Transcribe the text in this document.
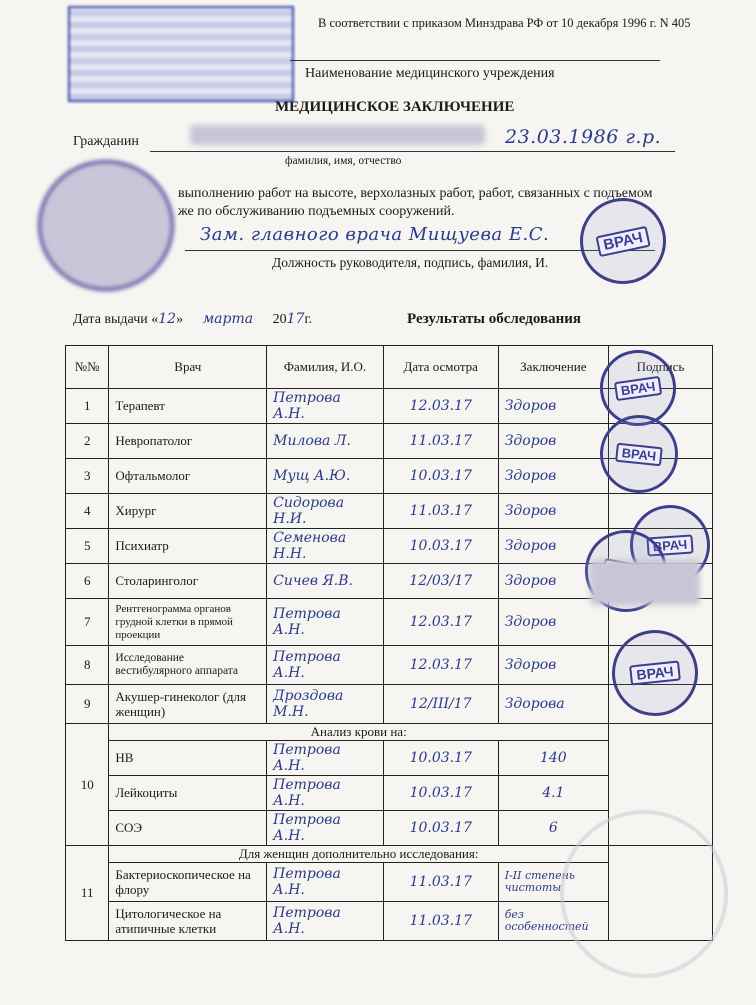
В соответствии с приказом Минздрава РФ от 10 декабря 1996 г. N 405
Наименование медицинского учреждения
МЕДИЦИНСКОЕ ЗАКЛЮЧЕНИЕ
Гражданин	23.03.1986 г.р.
фамилия, имя, отчество
выполнению работ на высоте, верхолазных работ, работ, связанных с подъемом
же по обслуживанию подъемных сооружений.
Зам. главного врача Мищуева Е.С.
Должность руководителя, подпись, фамилия, И.
ВРАЧ
Дата выдачи «12» марта 2017г.	Результаты обследования
№№	Врач	Фамилия, И.О.	Дата осмотра	Заключение	Подпись
1	Терапевт	Петрова А.Н.	12.03.17	Здоров	
2	Невропатолог	Милова Л.	11.03.17	Здоров	
3	Офтальмолог	Мущ А.Ю.	10.03.17	Здоров	
4	Хирург	Сидорова Н.И.	11.03.17	Здоров	
5	Психиатр	Семенова Н.Н.	10.03.17	Здоров	
6	Столаринголог	Сичев Я.В.	12/03/17	Здоров	
7	Рентгенограмма органов грудной клетки в прямой проекции	Петрова А.Н.	12.03.17	Здоров	
8	Исследование вестибулярного аппарата	Петрова А.Н.	12.03.17	Здоров	
9	Акушер-гинеколог (для женщин)	Дроздова М.Н.	12/III/17	Здорова	
10	Анализ крови на:				
	НВ	Петрова А.Н.	10.03.17	140	
	Лейкоциты	Петрова А.Н.	10.03.17	4.1	
	СОЭ	Петрова А.Н.	10.03.17	6	
11	Для женщин дополнительно исследования:				
	Бактериоскопическое на флору	Петрова А.Н.	11.03.17	I-II степень чистоты	
	Цитологическое на атипичные клетки	Петрова А.Н.	11.03.17	без особенностей	
ВРАЧ
ВРАЧ
ВРАЧ
ВРАЧ
